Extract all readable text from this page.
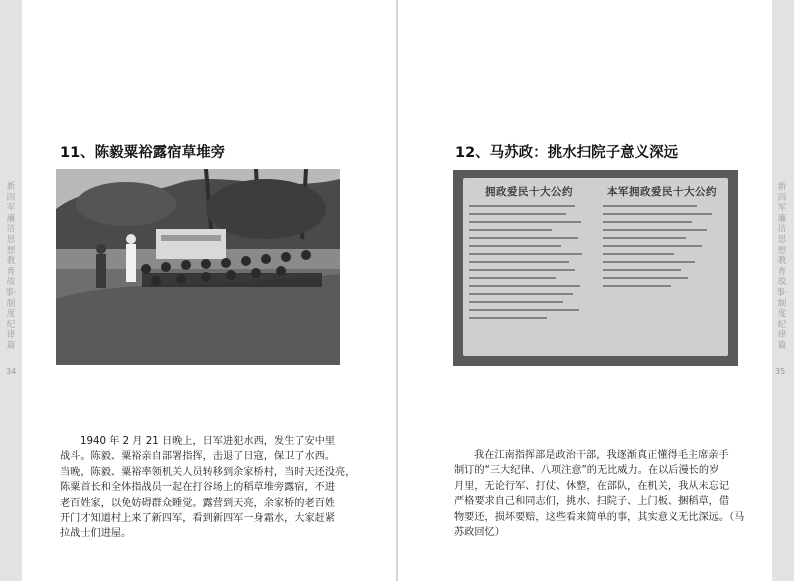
新四军廉洁思想教育故事·制度纪律篇
新四军廉洁思想教育故事·制度纪律篇
34	35
11、陈毅粟裕露宿草堆旁

1940 年 2 月 21 日晚上，日军进犯水西，发生了安中里
战斗。陈毅、粟裕亲自部署指挥，击退了日寇，保卫了水西。
当晚，陈毅、粟裕率领机关人员转移到余家桥村，当时天还没亮，
陈粟首长和全体指战员一起在打谷场上的稻草堆旁露宿，不进
老百姓家，以免妨碍群众睡觉。露营到天亮，余家桥的老百姓
开门才知道村上来了新四军，看到新四军一身霜水，大家赶紧
拉战士们进屋。

12、马苏政：挑水扫院子意义深远
拥政爱民十大公约	本军拥政爱民十大公约

我在江南指挥部是政治干部，我逐渐真正懂得毛主席亲手
制订的“三大纪律、八项注意”的无比威力。在以后漫长的岁
月里，无论行军、打仗、休整，在部队，在机关，我从未忘记
严格要求自己和同志们，挑水、扫院子、上门板、捆稻草，借
物要还，损坏要赔，这些看来简单的事，其实意义无比深远。（马
苏政回忆）
